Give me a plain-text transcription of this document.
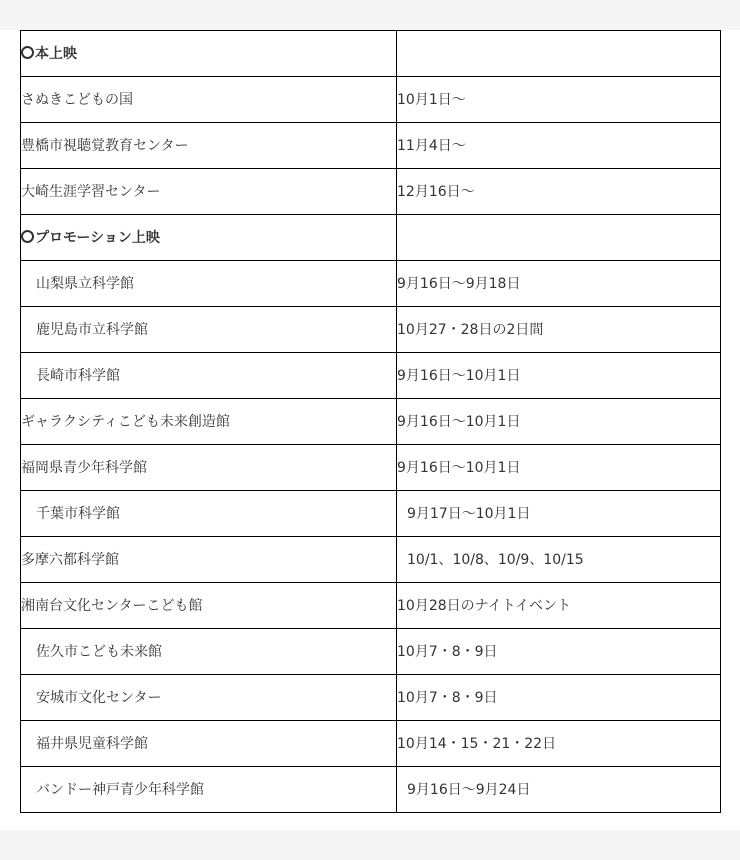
本上映	
さぬきこどもの国	10月1日〜
豊橋市視聴覚教育センター	11月4日〜
大崎生涯学習センター	12月16日〜
プロモーション上映	
山梨県立科学館	9月16日〜9月18日
鹿児島市立科学館	10月27・28日の2日間
長崎市科学館	9月16日〜10月1日
ギャラクシティこども未来創造館	9月16日〜10月1日
福岡県青少年科学館	9月16日〜10月1日
千葉市科学館	9月17日〜10月1日
多摩六都科学館	10/1、10/8、10/9、10/15
湘南台文化センターこども館	10月28日のナイトイベント
佐久市こども未来館	10月7・8・9日
安城市文化センター	10月7・8・9日
福井県児童科学館	10月14・15・21・22日
バンドー神戸青少年科学館	9月16日〜9月24日
